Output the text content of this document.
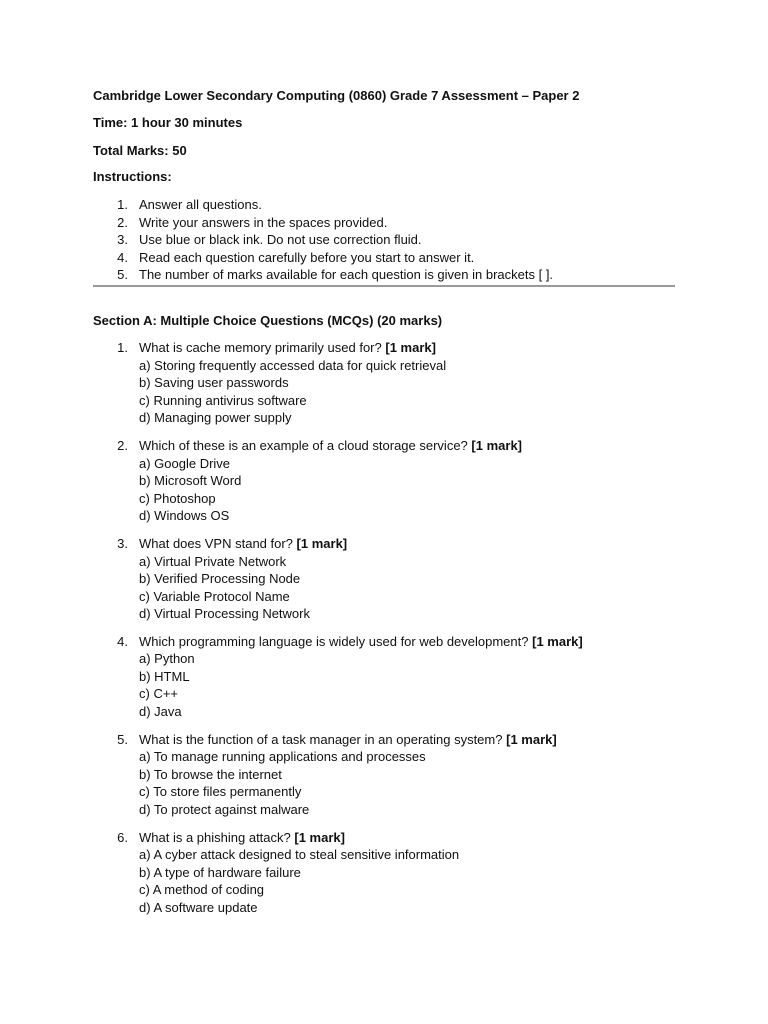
Cambridge Lower Secondary Computing (0860) Grade 7 Assessment – Paper 2
Time: 1 hour 30 minutes
Total Marks: 50
Instructions:
1. Answer all questions.
2. Write your answers in the spaces provided.
3. Use blue or black ink. Do not use correction fluid.
4. Read each question carefully before you start to answer it.
5. The number of marks available for each question is given in brackets [ ].
Section A: Multiple Choice Questions (MCQs) (20 marks)
1. What is cache memory primarily used for? [1 mark]
a) Storing frequently accessed data for quick retrieval
b) Saving user passwords
c) Running antivirus software
d) Managing power supply
2. Which of these is an example of a cloud storage service? [1 mark]
a) Google Drive
b) Microsoft Word
c) Photoshop
d) Windows OS
3. What does VPN stand for? [1 mark]
a) Virtual Private Network
b) Verified Processing Node
c) Variable Protocol Name
d) Virtual Processing Network
4. Which programming language is widely used for web development? [1 mark]
a) Python
b) HTML
c) C++
d) Java
5. What is the function of a task manager in an operating system? [1 mark]
a) To manage running applications and processes
b) To browse the internet
c) To store files permanently
d) To protect against malware
6. What is a phishing attack? [1 mark]
a) A cyber attack designed to steal sensitive information
b) A type of hardware failure
c) A method of coding
d) A software update
